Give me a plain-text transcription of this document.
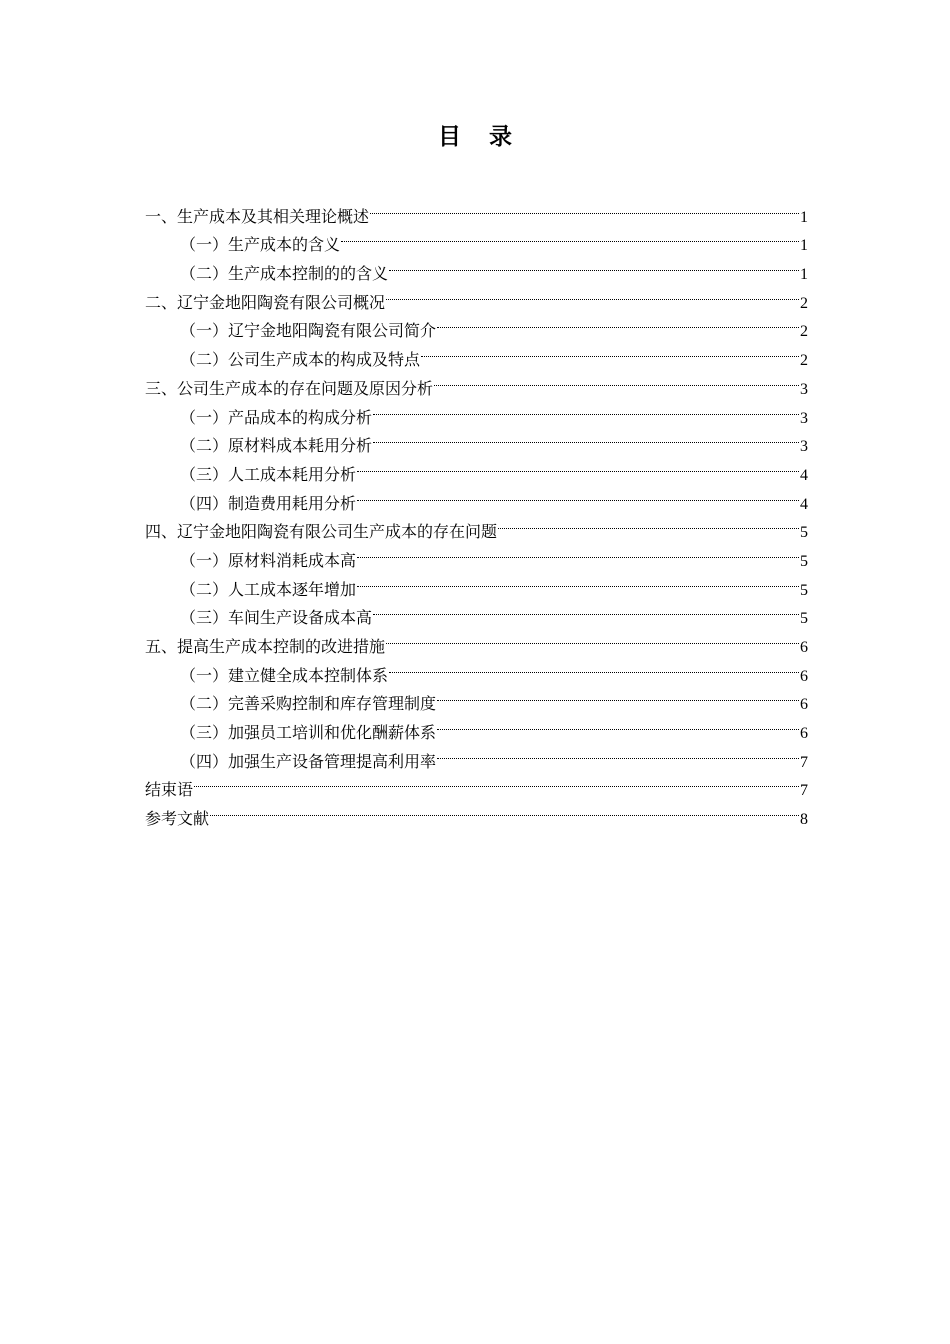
目录
一、生产成本及其相关理论概述	1
（一）生产成本的含义	1
（二）生产成本控制的的含义	1
二、辽宁金地阳陶瓷有限公司概况	2
（一）辽宁金地阳陶瓷有限公司简介	2
（二）公司生产成本的构成及特点	2
三、公司生产成本的存在问题及原因分析	3
（一）产品成本的构成分析	3
（二）原材料成本耗用分析	3
（三）人工成本耗用分析	4
（四）制造费用耗用分析	4
四、辽宁金地阳陶瓷有限公司生产成本的存在问题	5
（一）原材料消耗成本高	5
（二）人工成本逐年增加	5
（三）车间生产设备成本高	5
五、提高生产成本控制的改进措施	6
（一）建立健全成本控制体系	6
（二）完善采购控制和库存管理制度	6
（三）加强员工培训和优化酬薪体系	6
（四）加强生产设备管理提高利用率	7
结束语	7
参考文献	8
